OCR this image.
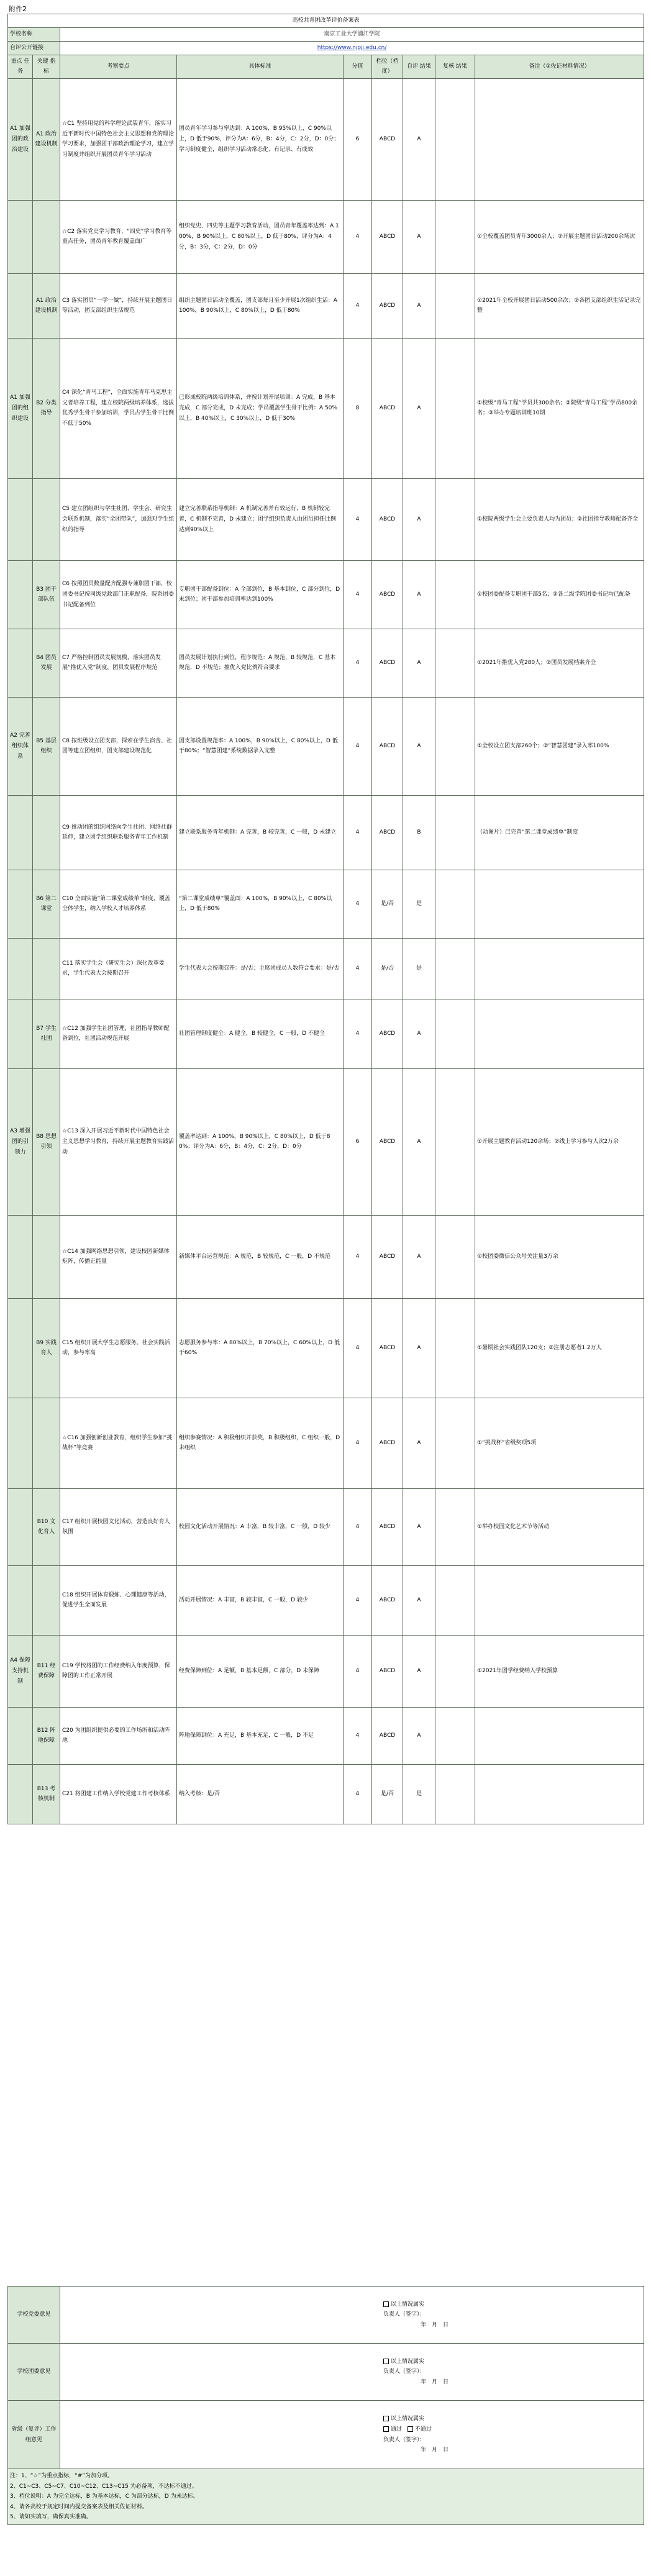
附件2
高校共青团改革评价备案表								
学校名称		南京工业大学浦江学院						
自评公开链接		https://www.njpji.edu.cn/						
重点 任务	关键 指标	考察要点	具体标准	分值	档位（档度）	自评 结果	复核 结果	备注（①佐证材料情况）
A1 加强团的政治建设	A1 政治建设机制	☆C1 坚持用党的科学理论武装青年，落实习近平新时代中国特色社会主义思想和党的理论学习要求，加强团干部政治理论学习，建立学习制度并组织开展团员青年学习活动	团员青年学习参与率达到：A 100%，B 95%以上，C 90%以上，D 低于90%，评分为A：6分，B：4分，C：2分，D：0分；学习制度健全，组织学习活动常态化、有记录、有成效	6	ABCD	A		
		☆C2 落实党史学习教育、“四史”学习教育等重点任务，团员青年教育覆盖面广	组织党史、四史等主题学习教育活动，团员青年覆盖率达到：A 100%，B 90%以上，C 80%以上，D 低于80%，评分为A：4分，B：3分，C：2分，D：0分	4	ABCD	A		①全校覆盖团员青年3000余人；②开展主题团日活动200余场次
	A1 政治建设机制	C3 落实团员“一学一做”，持续开展主题团日等活动，团支部组织生活规范	组织主题团日活动全覆盖，团支部每月至少开展1次组织生活：A 100%，B 90%以上，C 80%以上，D 低于80%	4	ABCD	A		①2021年全校开展团日活动500余次；②各团支部组织生活记录完整
A1 加强团的组织建设	B2 分类指导	C4 深化“青马工程”，全面实施青年马克思主义者培养工程，建立校院两级培养体系，选拔优秀学生骨干参加培训，学员占学生骨干比例不低于50%	已形成校院两级培训体系，并按计划开展培训：A 完成，B 基本完成，C 部分完成，D 未完成；学员覆盖学生骨干比例：A 50%以上，B 40%以上，C 30%以上，D 低于30%	8	ABCD	A		①校级“青马工程”学员共300余名；②院级“青马工程”学员800余名；③举办专题培训班10期
		C5 建立团组织与学生社团、学生会、研究生会联系机制，落实“全团带队”，加强对学生组织的指导	建立完善联系指导机制：A 机制完善并有效运行，B 机制较完善，C 机制不完善，D 未建立；团学组织负责人由团员担任比例达到90%以上	4	ABCD	A		①校院两级学生会主要负责人均为团员；②社团指导教师配备齐全
	B3 团干部队伍	C6 按照团员数量配齐配强专兼职团干部，校团委书记按同级党政部门正职配备，院系团委书记配备到位	专职团干部配备到位：A 全部到位，B 基本到位，C 部分到位，D 未到位；团干部参加培训率达到100%	4	ABCD	A		①校团委配备专职团干部5名；②各二级学院团委书记均已配备
	B4 团员发展	C7 严格控制团员发展规模，落实团员发展“推优入党”制度，团员发展程序规范	团员发展计划执行到位，程序规范：A 规范，B 较规范，C 基本规范，D 不规范；推优入党比例符合要求	4	ABCD	A		①2021年推优入党280人；②团员发展档案齐全
A2 完善组织体系	B5 基层组织	C8 按班级设立团支部，探索在学生宿舍、社团等建立团组织，团支部建设规范化	团支部设置规范率：A 100%，B 90%以上，C 80%以上，D 低于80%；“智慧团建”系统数据录入完整	4	ABCD	A		①全校设立团支部260个；②“智慧团建”录入率100%
		C9 推动团的组织网络向学生社团、网络社群延伸，建立团学组织联系服务青年工作机制	建立联系服务青年机制：A 完善，B 较完善，C 一般，D 未建立	4	ABCD	B		（动图片）已完善“第二课堂成绩单”制度
	B6 第二课堂	C10 全面实施“第二课堂成绩单”制度，覆盖全体学生，纳入学校人才培养体系	“第二课堂成绩单”覆盖面：A 100%，B 90%以上，C 80%以上，D 低于80%	4	是/否	是		
		C11 落实学生会（研究生会）深化改革要求，学生代表大会按期召开	学生代表大会按期召开：是/否；主席团成员人数符合要求：是/否	4	是/否	是		
	B7 学生社团	☆C12 加强学生社团管理，社团指导教师配备到位，社团活动规范开展	社团管理制度健全：A 健全，B 较健全，C 一般，D 不健全	4	ABCD	A		
A3 增强团的引领力	B8 思想引领	☆C13 深入开展习近平新时代中国特色社会主义思想学习教育，持续开展主题教育实践活动	覆盖率达到：A 100%，B 90%以上，C 80%以上，D 低于80%；评分为A：6分，B：4分，C：2分，D：0分	6	ABCD	A		①开展主题教育活动120余场；②线上学习参与人次2万余
		☆C14 加强网络思想引领，建设校园新媒体矩阵，传播正能量	新媒体平台运营规范：A 规范，B 较规范，C 一般，D 不规范	4	ABCD	A		①校团委微信公众号关注量3万余
	B9 实践育人	C15 组织开展大学生志愿服务、社会实践活动，参与率高	志愿服务参与率：A 80%以上，B 70%以上，C 60%以上，D 低于60%	4	ABCD	A		①暑期社会实践团队120支；②注册志愿者1.2万人
		☆C16 加强创新创业教育，组织学生参加“挑战杯”等竞赛	组织参赛情况：A 积极组织并获奖，B 积极组织，C 组织一般，D 未组织	4	ABCD	A		①“挑战杯”省级奖项5项
	B10 文化育人	C17 组织开展校园文化活动，营造良好育人氛围	校园文化活动开展情况：A 丰富，B 较丰富，C 一般，D 较少	4	ABCD	A		①举办校园文化艺术节等活动
		C18 组织开展体育锻炼、心理健康等活动，促进学生全面发展	活动开展情况：A 丰富，B 较丰富，C 一般，D 较少	4	ABCD	A		
A4 保障支持机制	B11 经费保障	C19 学校将团的工作经费纳入年度预算，保障团的工作正常开展	经费保障到位：A 足额，B 基本足额，C 部分，D 未保障	4	ABCD	A		①2021年团学经费纳入学校预算
	B12 阵地保障	C20 为团组织提供必要的工作场所和活动阵地	阵地保障到位：A 充足，B 基本充足，C 一般，D 不足	4	ABCD	A		
	B13 考核机制	C21 将团建工作纳入学校党建工作考核体系	纳入考核：是/否	4	是/否	是		
学校党委意见	以上情况属实
负责人（签字）：
年　月　日

学校团委意见	以上情况属实
负责人（签字）：
年　月　日

省级（复评）工作组意见	以上情况属实
通过　 不通过
负责人（签字）：
年　月　日

注：1、“☆”为重点指标，“#”为加分项。
2、C1~C3、C5~C7、C10~C12、C13~C15 为必备项，不达标不通过。
3、档位说明：A 为完全达标，B 为基本达标，C 为部分达标，D 为未达标。
4、请各高校于规定时间内提交备案表及相关佐证材料。
5、请如实填写，确保真实准确。	
